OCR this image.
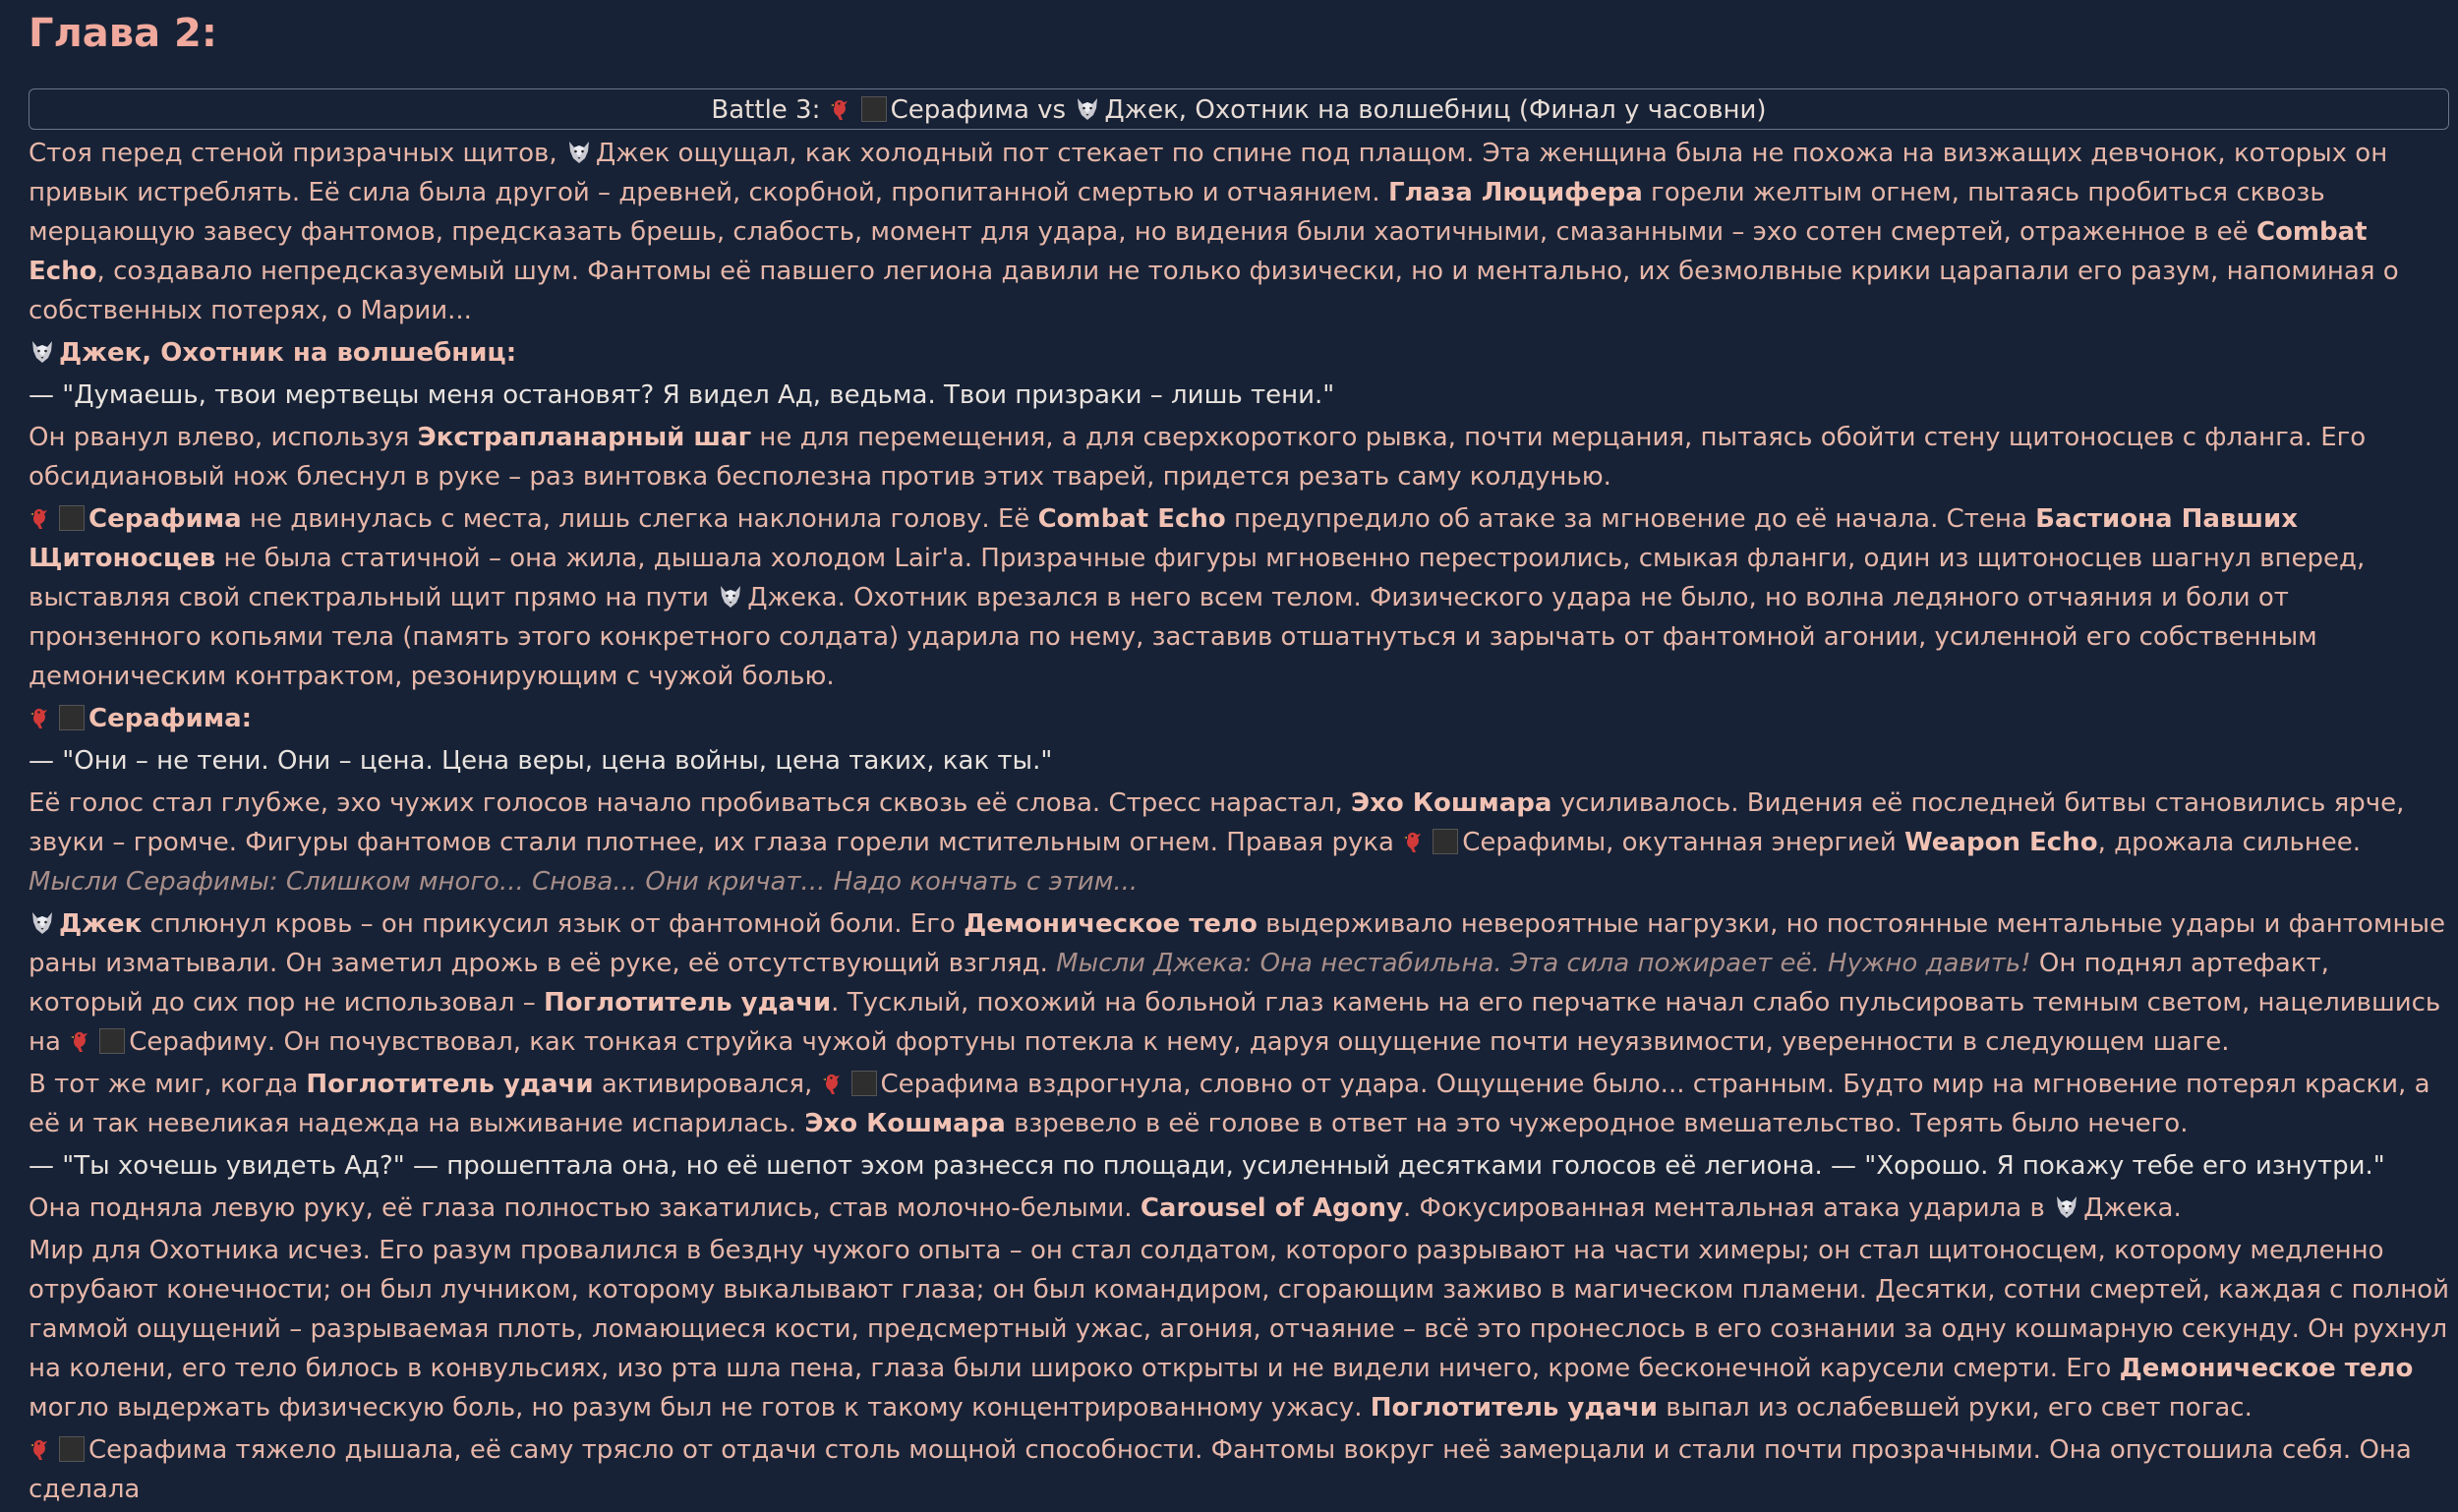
Глава 2:
Battle 3:	Серафима vs Джек, Охотник на волшебниц (Финал у часовни)
Стоя перед стеной призрачных щитов, Джек ощущал, как холодный пот стекает по спине под плащом. Эта женщина была не похожа на визжащих девчонок, которых он привык истреблять. Её сила была другой – древней, скорбной, пропитанной смертью и отчаянием. Глаза Люцифера горели желтым огнем, пытаясь пробиться сквозь мерцающую завесу фантомов, предсказать брешь, слабость, момент для удара, но видения были хаотичными, смазанными – эхо сотен смертей, отраженное в её Combat Echo, создавало непредсказуемый шум. Фантомы её павшего легиона давили не только физически, но и ментально, их безмолвные крики царапали его разум, напоминая о собственных потерях, о Марии...
Джек, Охотник на волшебниц:
— "Думаешь, твои мертвецы меня остановят? Я видел Ад, ведьма. Твои призраки – лишь тени."
Он рванул влево, используя Экстрапланарный шаг не для перемещения, а для сверхкороткого рывка, почти мерцания, пытаясь обойти стену щитоносцев с фланга. Его обсидиановый нож блеснул в руке – раз винтовка бесполезна против этих тварей, придется резать саму колдунью.
Серафима не двинулась с места, лишь слегка наклонила голову. Её Combat Echo предупредило об атаке за мгновение до её начала. Стена Бастиона Павших Щитоносцев не была статичной – она жила, дышала холодом Lair'а. Призрачные фигуры мгновенно перестроились, смыкая фланги, один из щитоносцев шагнул вперед, выставляя свой спектральный щит прямо на пути Джека. Охотник врезался в него всем телом. Физического удара не было, но волна ледяного отчаяния и боли от пронзенного копьями тела (память этого конкретного солдата) ударила по нему, заставив отшатнуться и зарычать от фантомной агонии, усиленной его собственным демоническим контрактом, резонирующим с чужой болью.
Серафима:
— "Они – не тени. Они – цена. Цена веры, цена войны, цена таких, как ты."
Её голос стал глубже, эхо чужих голосов начало пробиваться сквозь её слова. Стресс нарастал, Эхо Кошмара усиливалось. Видения её последней битвы становились ярче, звуки – громче. Фигуры фантомов стали плотнее, их глаза горели мстительным огнем. Правая рука	Серафимы, окутанная энергией Weapon Echo, дрожала сильнее. Мысли Серафимы: Слишком много... Снова... Они кричат... Надо кончать с этим...
Джек сплюнул кровь – он прикусил язык от фантомной боли. Его Демоническое тело выдерживало невероятные нагрузки, но постоянные ментальные удары и фантомные раны изматывали. Он заметил дрожь в её руке, её отсутствующий взгляд. Мысли Джека: Она нестабильна. Эта сила пожирает её. Нужно давить! Он поднял артефакт, который до сих пор не использовал – Поглотитель удачи. Тусклый, похожий на больной глаз камень на его перчатке начал слабо пульсировать темным светом, нацелившись на	Серафиму. Он почувствовал, как тонкая струйка чужой фортуны потекла к нему, даруя ощущение почти неуязвимости, уверенности в следующем шаге.
В тот же миг, когда Поглотитель удачи активировался,	Серафима вздрогнула, словно от удара. Ощущение было... странным. Будто мир на мгновение потерял краски, а её и так невеликая надежда на выживание испарилась. Эхо Кошмара взревело в её голове в ответ на это чужеродное вмешательство. Терять было нечего.
— "Ты хочешь увидеть Ад?" — прошептала она, но её шепот эхом разнесся по площади, усиленный десятками голосов её легиона. — "Хорошо. Я покажу тебе его изнутри."
Она подняла левую руку, её глаза полностью закатились, став молочно-белыми. Carousel of Agony. Фокусированная ментальная атака ударила в Джека.
Мир для Охотника исчез. Его разум провалился в бездну чужого опыта – он стал солдатом, которого разрывают на части химеры; он стал щитоносцем, которому медленно отрубают конечности; он был лучником, которому выкалывают глаза; он был командиром, сгорающим заживо в магическом пламени. Десятки, сотни смертей, каждая с полной гаммой ощущений – разрываемая плоть, ломающиеся кости, предсмертный ужас, агония, отчаяние – всё это пронеслось в его сознании за одну кошмарную секунду. Он рухнул на колени, его тело билось в конвульсиях, изо рта шла пена, глаза были широко открыты и не видели ничего, кроме бесконечной карусели смерти. Его Демоническое тело могло выдержать физическую боль, но разум был не готов к такому концентрированному ужасу. Поглотитель удачи выпал из ослабевшей руки, его свет погас.
Серафима тяжело дышала, её саму трясло от отдачи столь мощной способности. Фантомы вокруг неё замерцали и стали почти прозрачными. Она опустошила себя. Она сделала
